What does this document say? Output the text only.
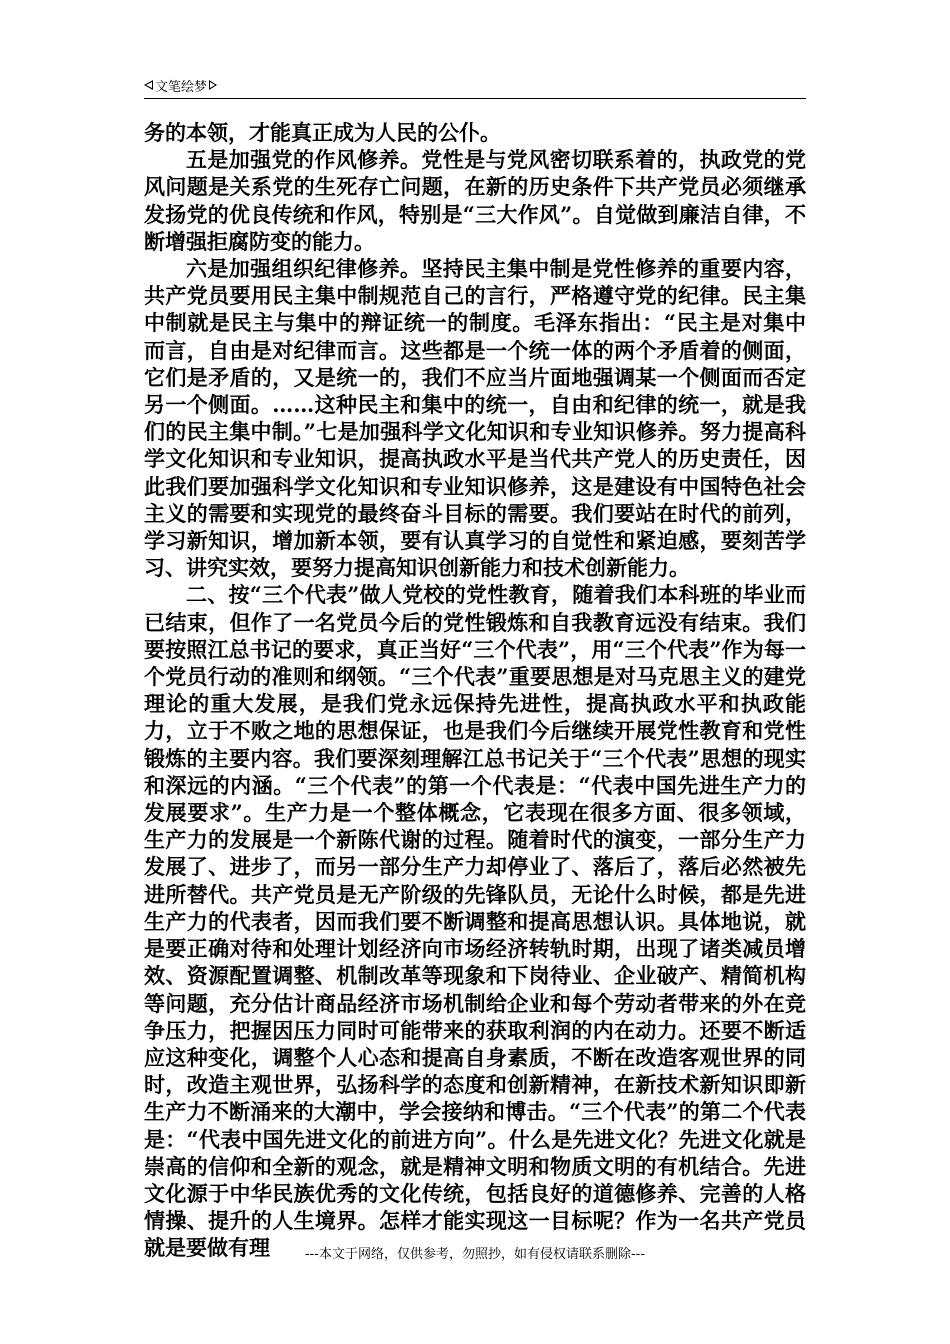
文笔绘梦

务的本领，才能真正成为人民的公仆。

五是加强党的作风修养。党性是与党风密切联系着的，执政党的党风问题是关系党的生死存亡问题，在新的历史条件下共产党员必须继承发扬党的优良传统和作风，特别是“三大作风”。自觉做到廉洁自律，不断增强拒腐防变的能力。

六是加强组织纪律修养。坚持民主集中制是党性修养的重要内容，共产党员要用民主集中制规范自己的言行，严格遵守党的纪律。民主集中制就是民主与集中的辩证统一的制度。毛泽东指出：“民主是对集中而言，自由是对纪律而言。这些都是一个统一体的两个矛盾着的侧面，它们是矛盾的，又是统一的，我们不应当片面地强调某一个侧面而否定另一个侧面。……这种民主和集中的统一，自由和纪律的统一，就是我们的民主集中制。”七是加强科学文化知识和专业知识修养。努力提高科学文化知识和专业知识，提高执政水平是当代共产党人的历史责任，因此我们要加强科学文化知识和专业知识修养，这是建设有中国特色社会主义的需要和实现党的最终奋斗目标的需要。我们要站在时代的前列，学习新知识，增加新本领，要有认真学习的自觉性和紧迫感，要刻苦学习、讲究实效，要努力提高知识创新能力和技术创新能力。

二、按“三个代表”做人党校的党性教育，随着我们本科班的毕业而已结束，但作了一名党员今后的党性锻炼和自我教育远没有结束。我们要按照江总书记的要求，真正当好“三个代表”，用“三个代表”作为每一个党员行动的准则和纲领。“三个代表”重要思想是对马克思主义的建党理论的重大发展，是我们党永远保持先进性，提高执政水平和执政能力，立于不败之地的思想保证，也是我们今后继续开展党性教育和党性锻炼的主要内容。我们要深刻理解江总书记关于“三个代表”思想的现实和深远的内涵。“三个代表”的第一个代表是：“代表中国先进生产力的发展要求”。生产力是一个整体概念，它表现在很多方面、很多领域，生产力的发展是一个新陈代谢的过程。随着时代的演变，一部分生产力发展了、进步了，而另一部分生产力却停业了、落后了，落后必然被先进所替代。共产党员是无产阶级的先锋队员，无论什么时候，都是先进生产力的代表者，因而我们要不断调整和提高思想认识。具体地说，就是要正确对待和处理计划经济向市场经济转轨时期，出现了诸类减员增效、资源配置调整、机制改革等现象和下岗待业、企业破产、精简机构等问题，充分估计商品经济市场机制给企业和每个劳动者带来的外在竞争压力，把握因压力同时可能带来的获取利润的内在动力。还要不断适应这种变化，调整个人心态和提高自身素质，不断在改造客观世界的同时，改造主观世界，弘扬科学的态度和创新精神，在新技术新知识即新生产力不断涌来的大潮中，学会接纳和博击。“三个代表”的第二个代表是：“代表中国先进文化的前进方向”。什么是先进文化？先进文化就是崇高的信仰和全新的观念，就是精神文明和物质文明的有机结合。先进文化源于中华民族优秀的文化传统，包括良好的道德修养、完善的人格情操、提升的人生境界。怎样才能实现这一目标呢？作为一名共产党员就是要做有理	---本文于网络，仅供参考，勿照抄，如有侵权请联系删除---
